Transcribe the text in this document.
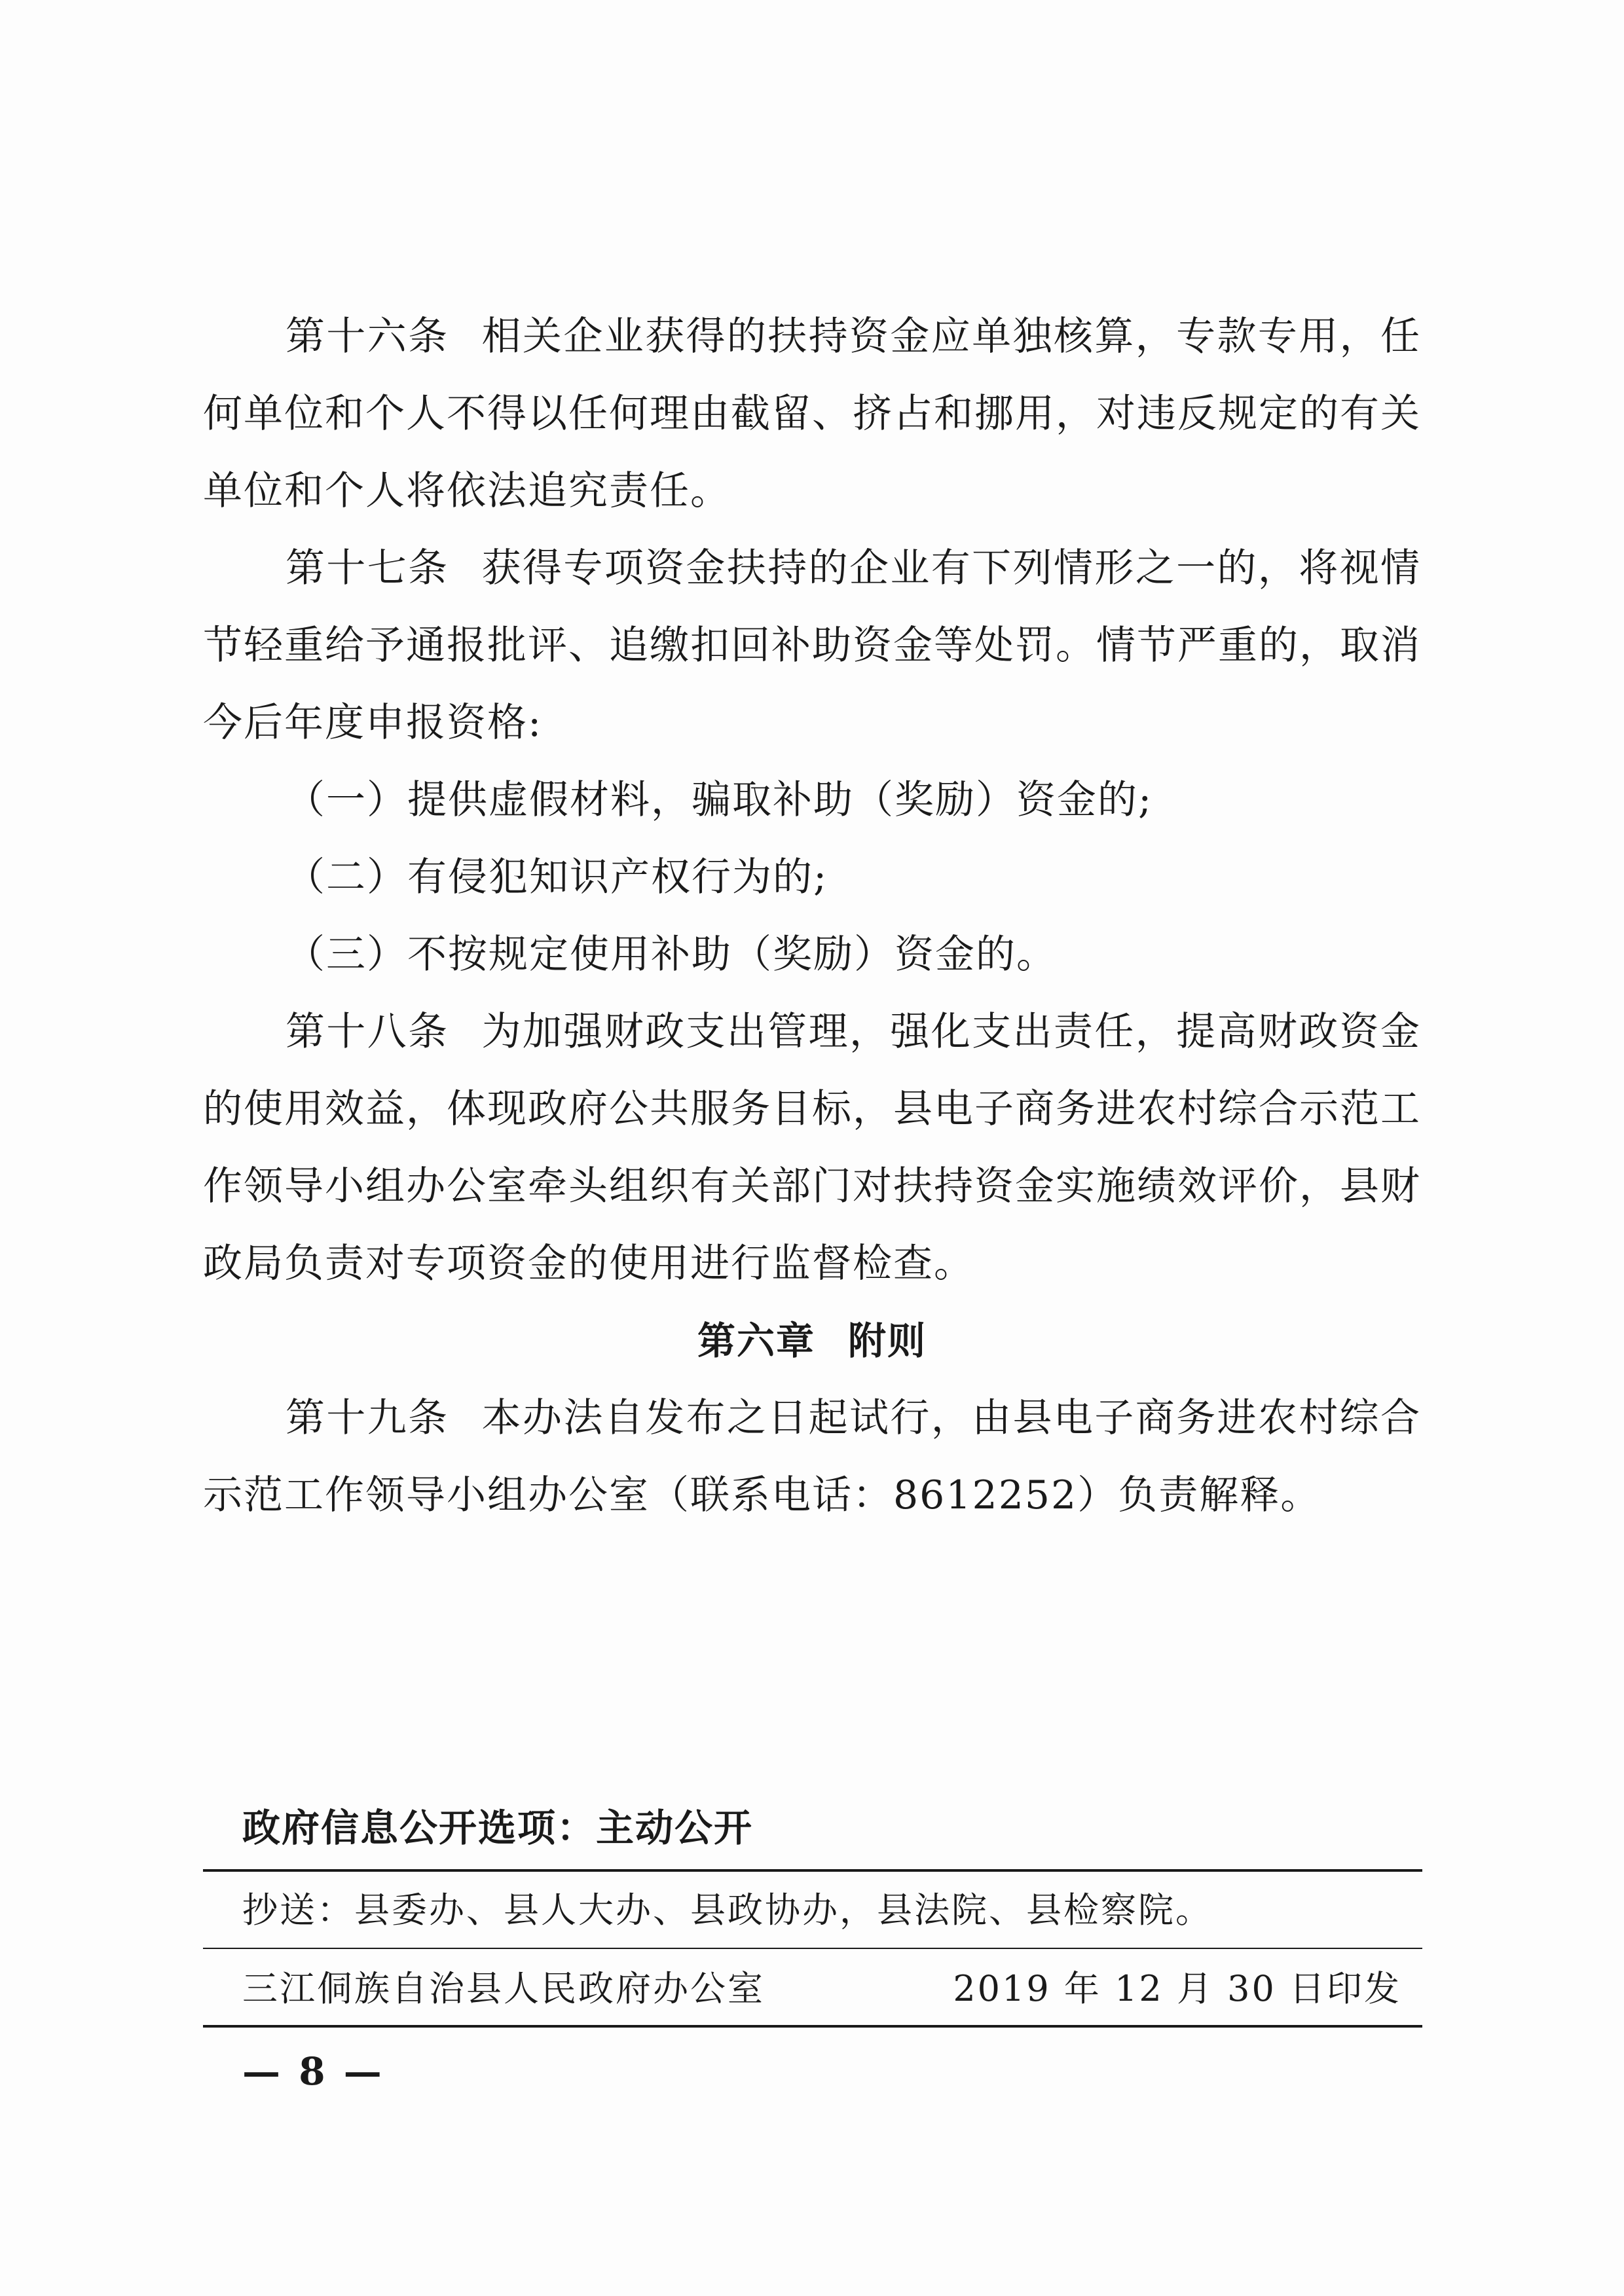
第十六条 相关企业获得的扶持资金应单独核算，专款专用，任何单位和个人不得以任何理由截留、挤占和挪用，对违反规定的有关单位和个人将依法追究责任。

第十七条 获得专项资金扶持的企业有下列情形之一的，将视情节轻重给予通报批评、追缴扣回补助资金等处罚。情节严重的，取消今后年度申报资格:

（一）提供虚假材料，骗取补助（奖励）资金的;

（二）有侵犯知识产权行为的;

（三）不按规定使用补助（奖励）资金的。

第十八条 为加强财政支出管理，强化支出责任，提高财政资金的使用效益，体现政府公共服务目标，县电子商务进农村综合示范工作领导小组办公室牵头组织有关部门对扶持资金实施绩效评价，县财政局负责对专项资金的使用进行监督检查。

第六章 附则

第十九条 本办法自发布之日起试行，由县电子商务进农村综合示范工作领导小组办公室（联系电话：8612252）负责解释。

政府信息公开选项：主动公开
抄送：县委办、县人大办、县政协办，县法院、县检察院。
三江侗族自治县人民政府办公室	2019 年 12 月 30 日印发
— 8 —
